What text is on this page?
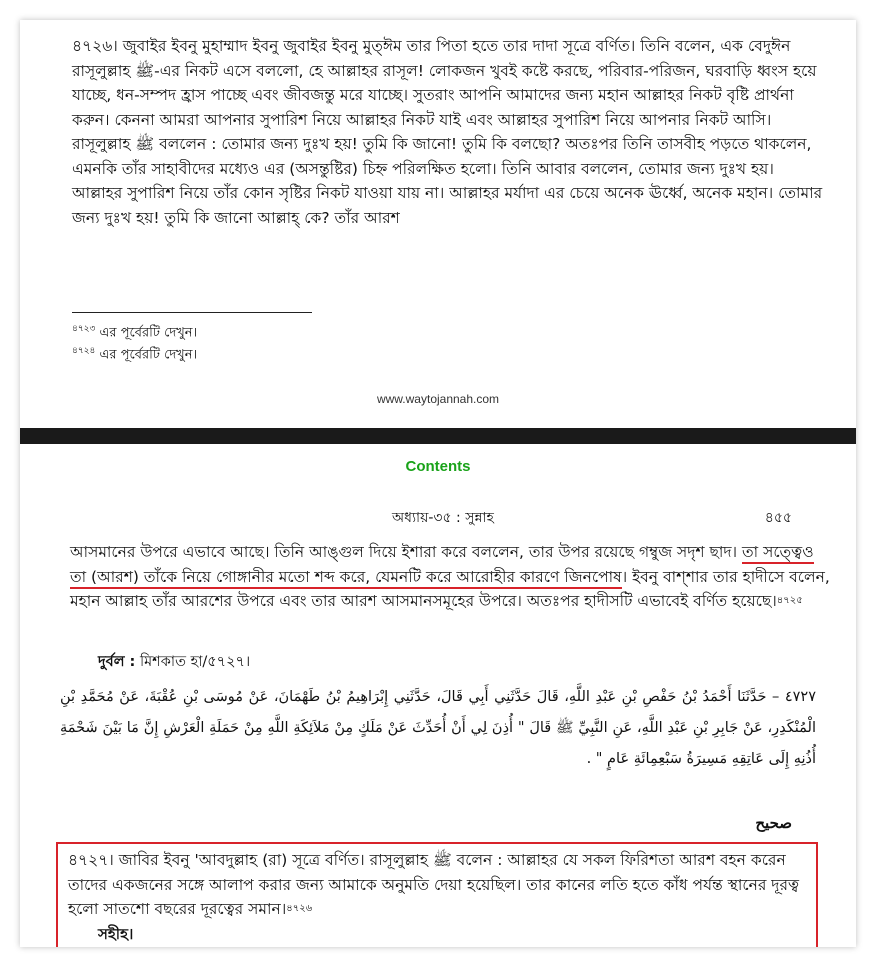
৪৭২৬। জুবাইর ইবনু মুহাম্মাদ ইবনু জুবাইর ইবনু মুত্‌ঈম তার পিতা হতে তার দাদা সূত্রে বর্ণিত। তিনি বলেন, এক বেদুঈন রাসূলুল্লাহ ﷺ-এর নিকট এসে বললো, হে আল্লাহর রাসূল! লোকজন খুবই কষ্টে করছে, পরিবার-পরিজন, ঘরবাড়ি ধ্বংস হয়ে যাচ্ছে, ধন-সম্পদ হ্রাস পাচ্ছে এবং জীবজন্তু মরে যাচ্ছে। সুতরাং আপনি আমাদের জন্য মহান আল্লাহর নিকট বৃষ্টি প্রার্থনা করুন। কেননা আমরা আপনার সুপারিশ নিয়ে আল্লাহর নিকট যাই এবং আল্লাহর সুপারিশ নিয়ে আপনার নিকট আসি। রাসূলুল্লাহ ﷺ বললেন : তোমার জন্য দুঃখ হয়! তুমি কি জানো! তুমি কি বলছো? অতঃপর তিনি তাসবীহ পড়তে থাকলেন, এমনকি তাঁর সাহাবীদের মধ্যেও এর (অসন্তুষ্টির) চিহ্ন পরিলক্ষিত হলো। তিনি আবার বললেন, তোমার জন্য দুঃখ হয়। আল্লাহর সুপারিশ নিয়ে তাঁর কোন সৃষ্টির নিকট যাওয়া যায় না। আল্লাহর মর্যাদা এর চেয়ে অনেক ঊর্ধ্বে, অনেক মহান। তোমার জন্য দুঃখ হয়! তুমি কি জানো আল্লাহ্ কে? তাঁর আরশ

$^{৪৭২৩}$ এর পূর্বেরটি দেখুন।
$^{৪৭২৪}$ এর পূর্বেরটি দেখুন।
www.waytojannah.com
Contents
অধ্যায়-৩৫ : সুন্নাহ	৪৫৫

আসমানের উপরে এভাবে আছে। তিনি আঙ্গুল দিয়ে ইশারা করে বললেন, তার উপর রয়েছে গম্বুজ সদৃশ ছাদ। তা সত্ত্বেও তা (আরশ) তাঁকে নিয়ে গোঙ্গানীর মতো শব্দ করে, যেমনটি করে আরোহীর কারণে জিনপোষ। ইবনু বাশ্‌শার তার হাদীসে বলেন, মহান আল্লাহ তাঁর আরশের উপরে এবং তার আরশ আসমানসমূহের উপরে। অতঃপর হাদীসটি এভাবেই বর্ণিত হয়েছে।$^{৪৭২৫}$

দুর্বল : মিশকাত হা/৫৭২৭।
٤٧٢٧ – حَدَّثَنَا أَحْمَدُ بْنُ حَفْصِ بْنِ عَبْدِ اللَّهِ، قَالَ حَدَّثَنِي أَبِي قَالَ، حَدَّثَنِي إِبْرَاهِيمُ بْنُ طَهْمَانَ، عَنْ مُوسَى بْنِ عُقْبَةَ، عَنْ مُحَمَّدِ بْنِ الْمُنْكَدِرِ، عَنْ جَابِرِ بْنِ عَبْدِ اللَّهِ، عَنِ النَّبِيِّ ﷺ قَالَ " أُذِنَ لِي أَنْ أُحَدِّثَ عَنْ مَلَكٍ مِنْ مَلاَئِكَةِ اللَّهِ مِنْ حَمَلَةِ الْعَرْشِ إِنَّ مَا بَيْنَ شَحْمَةِ أُذُنِهِ إِلَى عَاتِقِهِ مَسِيرَةُ سَبْعِمِائَةِ عَامٍ " .
صحيح

৪৭২৭। জাবির ইবনু 'আবদুল্লাহ (রা) সূত্রে বর্ণিত। রাসূলুল্লাহ ﷺ বলেন : আল্লাহর যে সকল ফিরিশতা আরশ বহন করেন তাদের একজনের সঙ্গে আলাপ করার জন্য আমাকে অনুমতি দেয়া হয়েছিল। তার কানের লতি হতে কাঁধ পর্যন্ত স্থানের দূরত্ব হলো সাতশো বছরের দূরত্বের সমান।$^{৪৭২৬}$

সহীহ।
